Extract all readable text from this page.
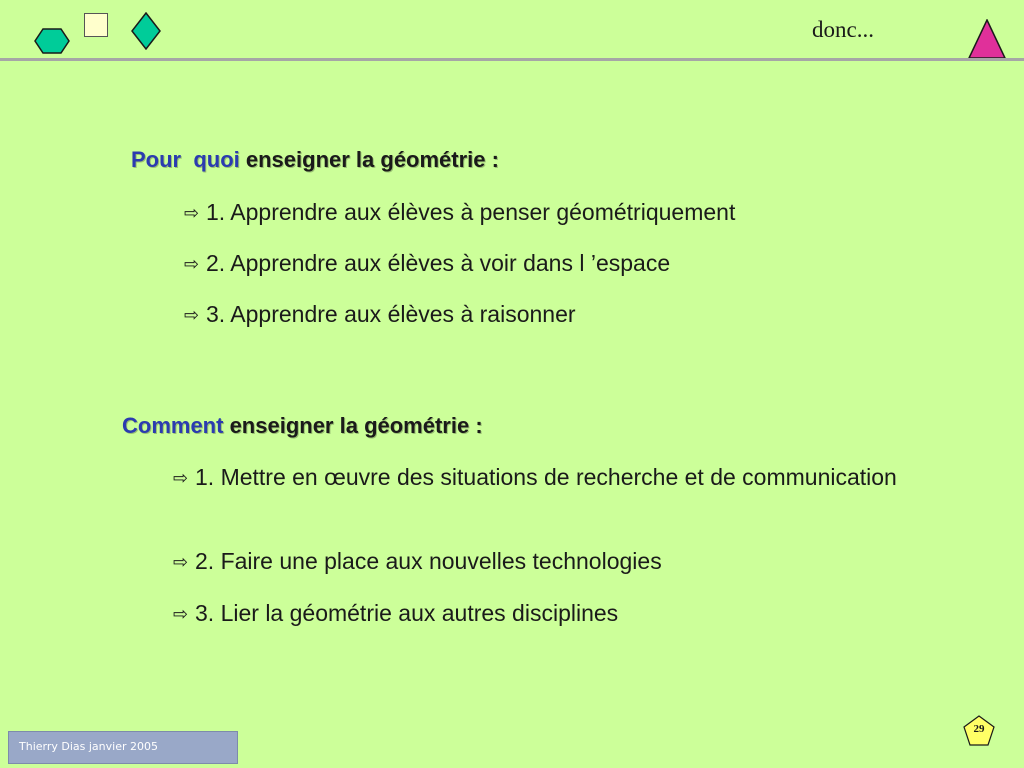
donc...
Pour  quoi enseigner la géométrie :
⇨ 1. Apprendre aux élèves à penser géométriquement
⇨ 2. Apprendre aux élèves à voir dans l ’espace
⇨ 3. Apprendre aux élèves à raisonner
Comment enseigner la géométrie :
⇨ 1. Mettre en œuvre des situations de recherche et de communication
⇨ 2. Faire une place aux nouvelles technologies
⇨ 3. Lier la géométrie aux autres disciplines
Thierry Dias janvier 2005
29
